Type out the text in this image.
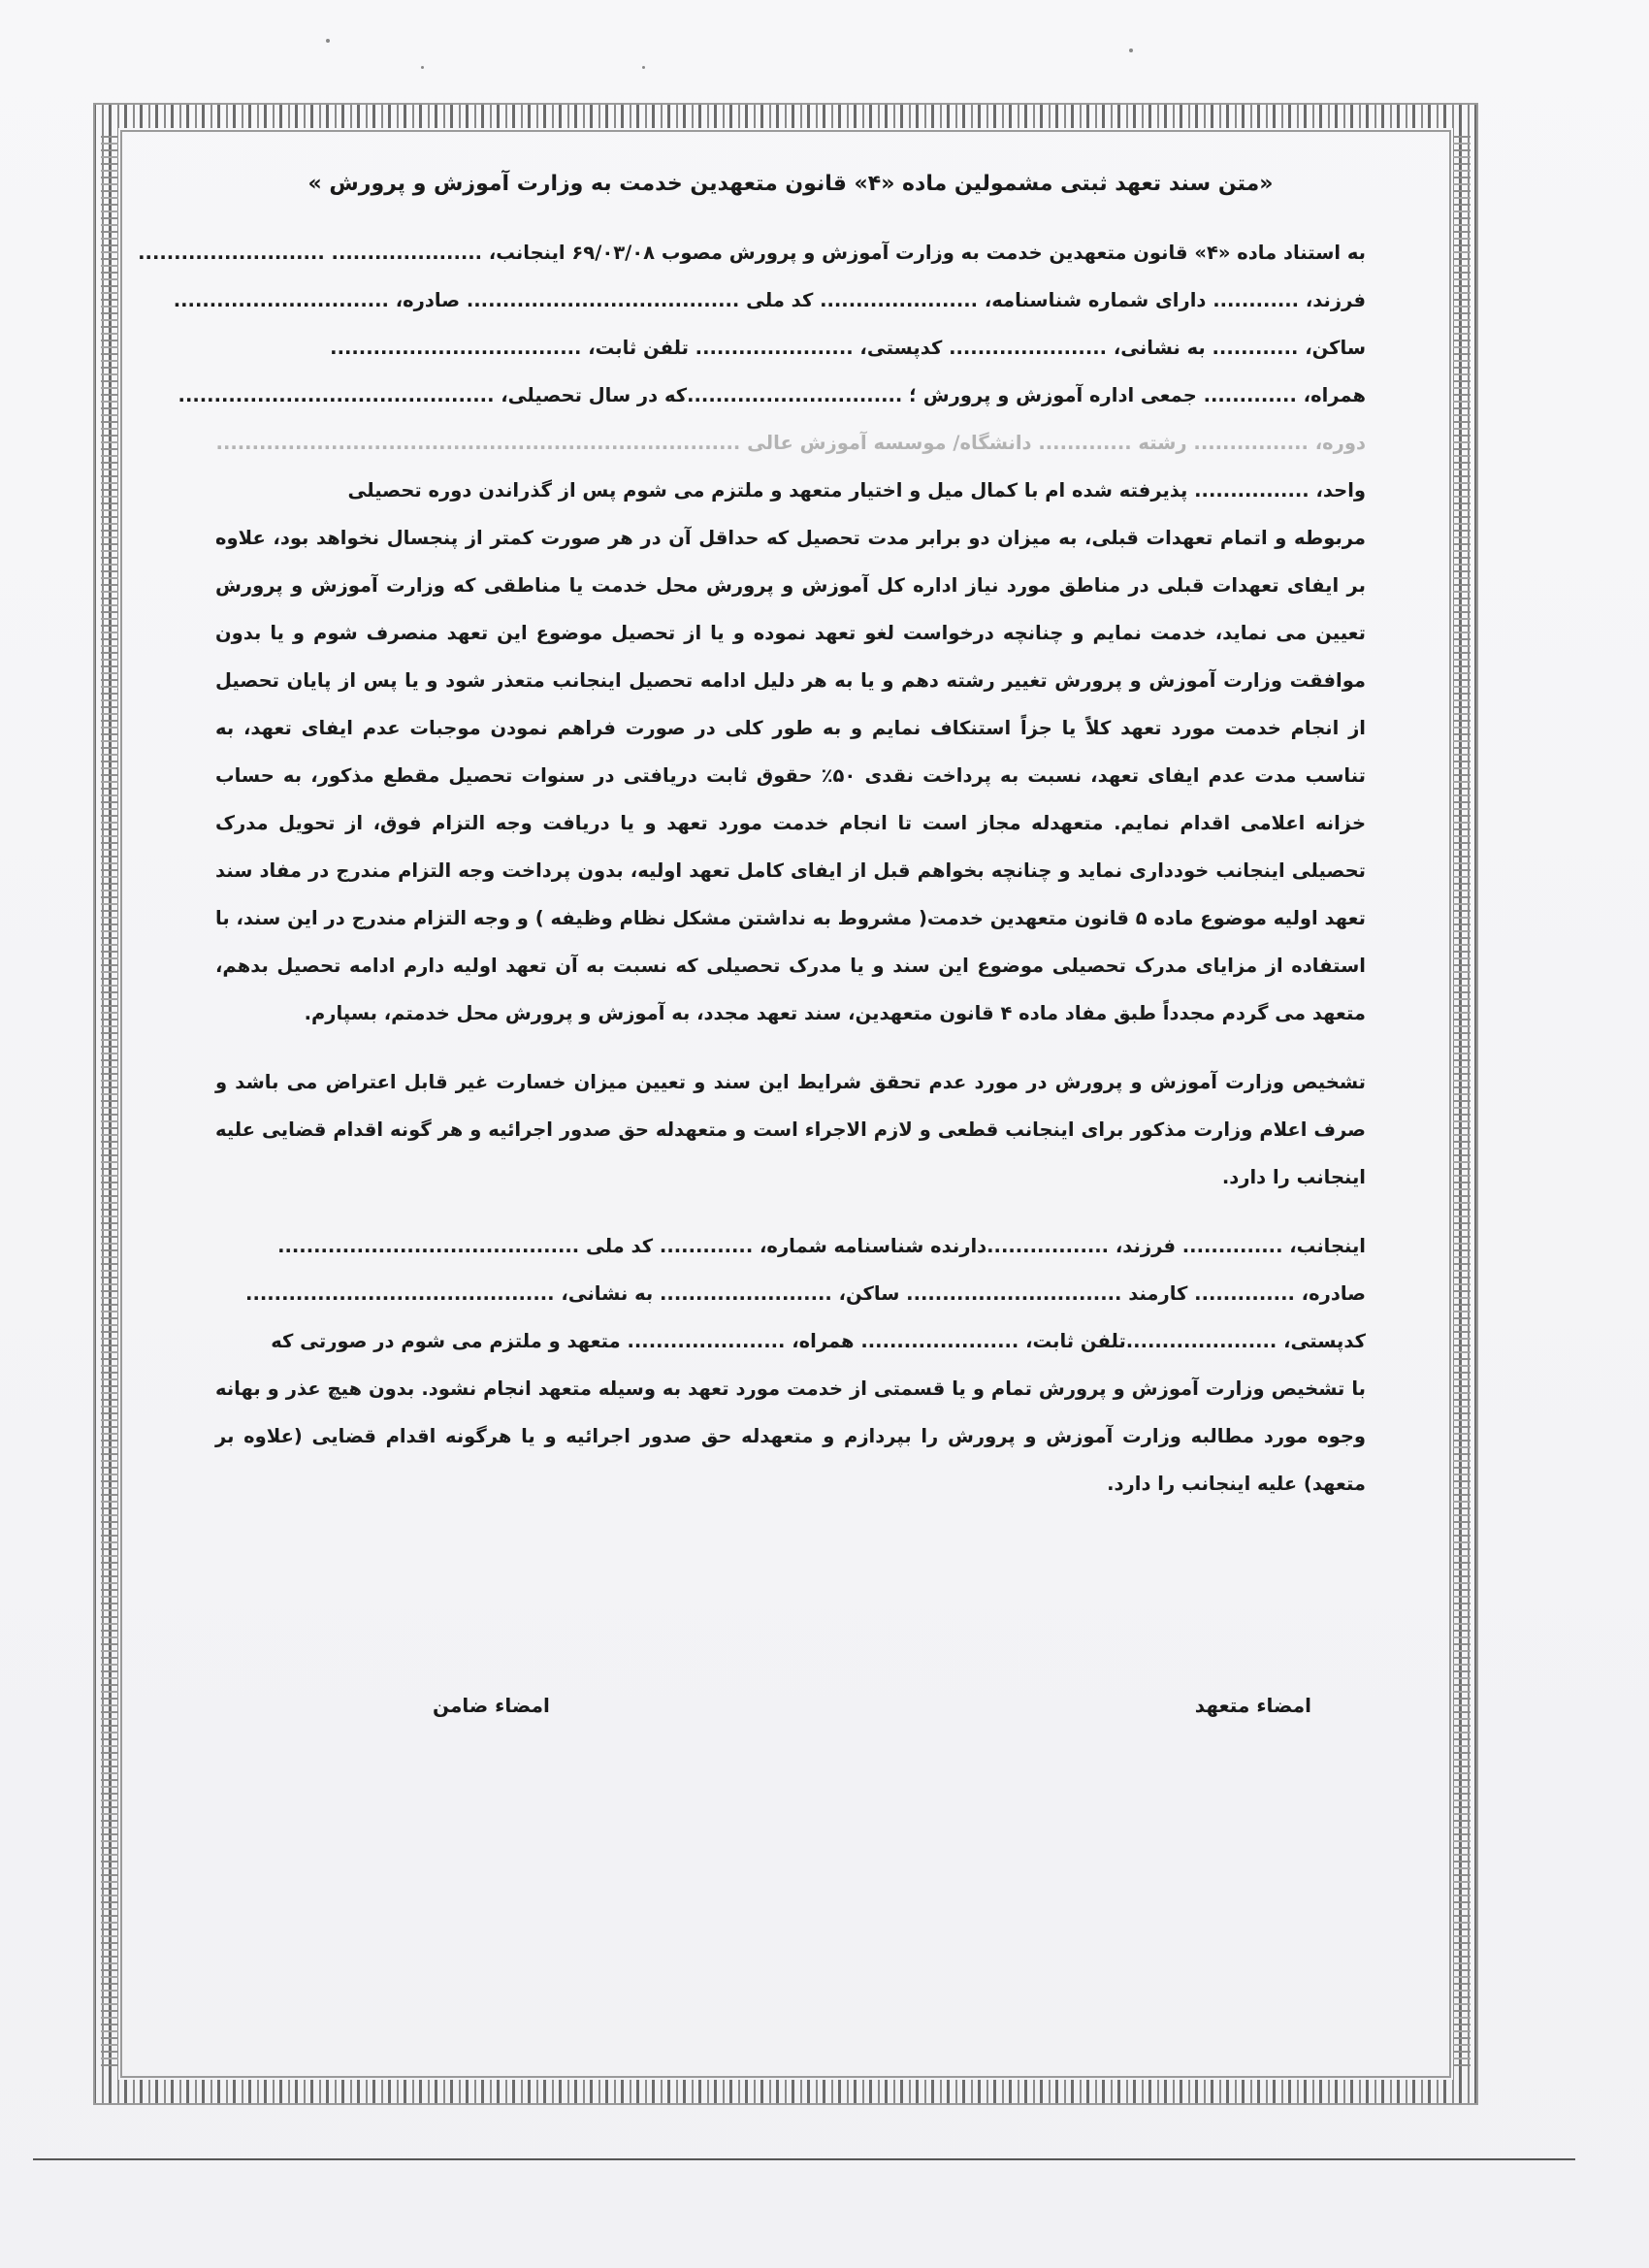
«متن سند تعهد ثبتی مشمولین ماده «۴» قانون متعهدین خدمت به وزارت آموزش و پرورش »
به استناد ماده «۴» قانون متعهدین خدمت به وزارت آموزش و پرورش مصوب ۶۹/۰۳/۰۸ اینجانب، ..................... ..........................
فرزند، ............ دارای شماره شناسنامه، ...................... کد ملی ...................................... صادره، ..............................
ساکن، ............ به نشانی، ...................... کدپستی، ...................... تلفن ثابت، ...................................
همراه، ............. جمعی اداره آموزش و پرورش ؛ ..............................که در سال تحصیلی، ............................................
دوره، ................ رشته ............. دانشگاه/ موسسه آموزش عالی .........................................................................
واحد، ................ پذیرفته شده ام با کمال میل و اختیار متعهد و ملتزم می شوم پس از گذراندن دوره تحصیلی

مربوطه و اتمام تعهدات قبلی، به میزان دو برابر مدت تحصیل که حداقل آن در هر صورت کمتر از پنجسال نخواهد بود، علاوه بر ایفای تعهدات قبلی در مناطق مورد نیاز اداره کل آموزش و پرورش محل خدمت یا مناطقی که وزارت آموزش و پرورش تعیین می نماید، خدمت نمایم و چنانچه درخواست لغو تعهد نموده و یا از تحصیل موضوع این تعهد منصرف شوم و یا بدون موافقت وزارت آموزش و پرورش تغییر رشته دهم و یا به هر دلیل ادامه تحصیل اینجانب متعذر شود و یا پس از پایان تحصیل از انجام خدمت مورد تعهد کلاً یا جزاً استنکاف نمایم و به طور کلی در صورت فراهم نمودن موجبات عدم ایفای تعهد، به تناسب مدت عدم ایفای تعهد، نسبت به پرداخت نقدی ۵۰٪ حقوق ثابت دریافتی در سنوات تحصیل مقطع مذکور، به حساب خزانه اعلامی اقدام نمایم. متعهدله مجاز است تا انجام خدمت مورد تعهد و یا دریافت وجه التزام فوق، از تحویل مدرک تحصیلی اینجانب خودداری نماید و چنانچه بخواهم قبل از ایفای کامل تعهد اولیه، بدون پرداخت وجه التزام مندرج در مفاد سند تعهد اولیه موضوع ماده ۵ قانون متعهدین خدمت( مشروط به نداشتن مشکل نظام وظیفه ) و وجه التزام مندرج در این سند، با استفاده از مزایای مدرک تحصیلی موضوع این سند و یا مدرک تحصیلی که نسبت به آن تعهد اولیه دارم ادامه تحصیل بدهم، متعهد می گردم مجدداً طبق مفاد ماده ۴ قانون متعهدین، سند تعهد مجدد، به آموزش و پرورش محل خدمتم، بسپارم.

تشخیص وزارت آموزش و پرورش در مورد عدم تحقق شرایط این سند و تعیین میزان خسارت غیر قابل اعتراض می باشد و صرف اعلام وزارت مذکور برای اینجانب قطعی و لازم الاجراء است و متعهدله حق صدور اجرائیه و هر گونه اقدام قضایی علیه اینجانب را دارد.

اینجانب، .............. فرزند، .................دارنده شناسنامه شماره، ............. کد ملی ..........................................
صادره، .............. کارمند .............................. ساکن، ........................ به نشانی، ...........................................
کدپستی، .....................تلفن ثابت، ...................... همراه، ...................... متعهد و ملتزم می شوم در صورتی که

با تشخیص وزارت آموزش و پرورش تمام و یا قسمتی از خدمت مورد تعهد به وسیله متعهد انجام نشود. بدون هیچ عذر و بهانه وجوه مورد مطالبه وزارت آموزش و پرورش را بپردازم و متعهدله حق صدور اجرائیه و یا هرگونه اقدام قضایی (علاوه بر متعهد) علیه اینجانب را دارد.

امضاء متعهد
امضاء ضامن
